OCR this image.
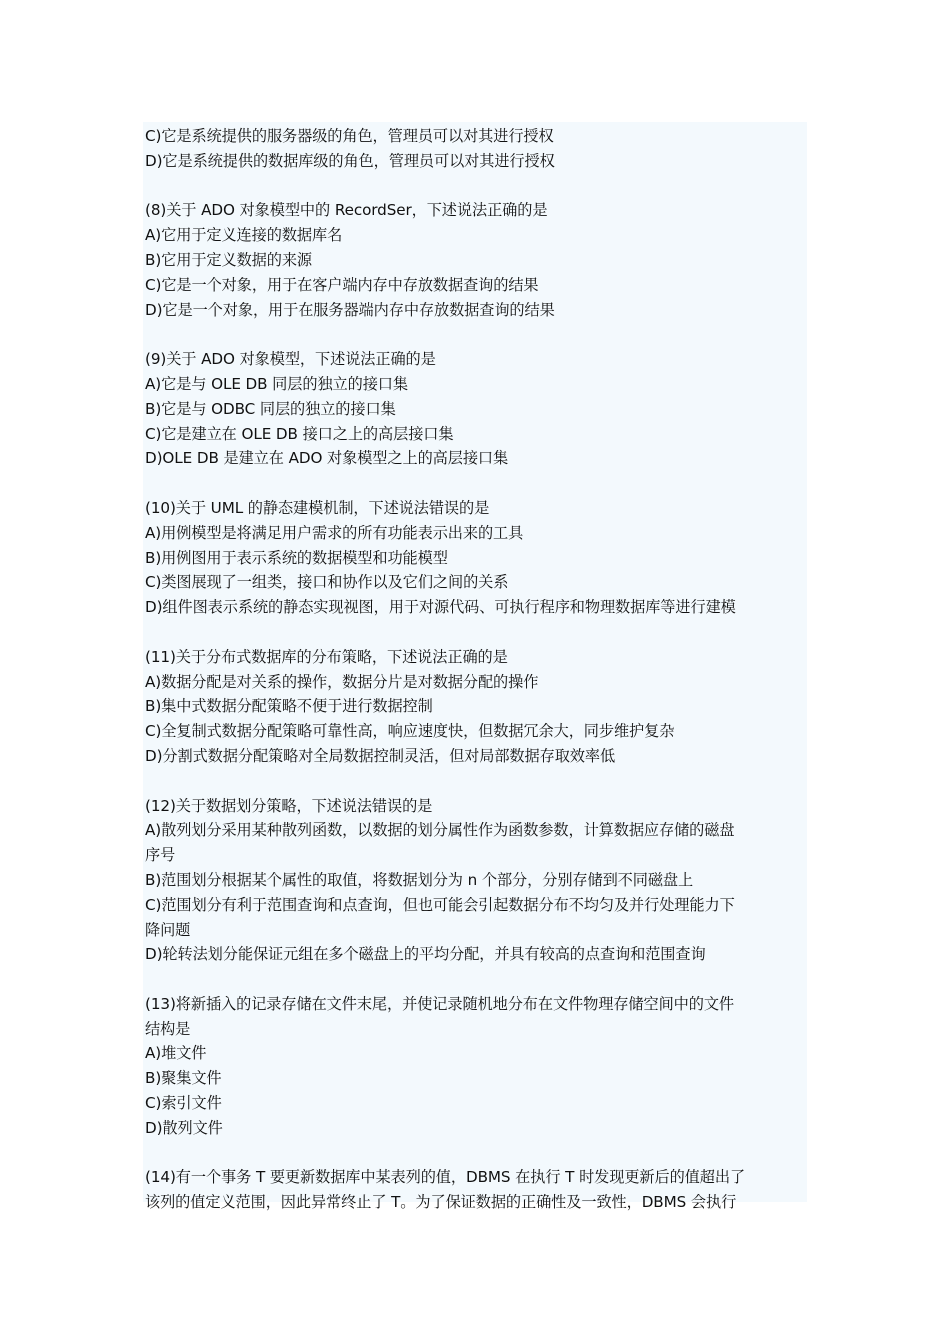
C)它是系统提供的服务器级的角色，管理员可以对其进行授权
D)它是系统提供的数据库级的角色，管理员可以对其进行授权
(8)关于 ADO 对象模型中的 RecordSer，下述说法正确的是
A)它用于定义连接的数据库名
B)它用于定义数据的来源
C)它是一个对象，用于在客户端内存中存放数据查询的结果
D)它是一个对象，用于在服务器端内存中存放数据查询的结果
(9)关于 ADO 对象模型，下述说法正确的是
A)它是与 OLE DB 同层的独立的接口集
B)它是与 ODBC 同层的独立的接口集
C)它是建立在 OLE DB 接口之上的高层接口集
D)OLE DB 是建立在 ADO 对象模型之上的高层接口集
(10)关于 UML 的静态建模机制，下述说法错误的是
A)用例模型是将满足用户需求的所有功能表示出来的工具
B)用例图用于表示系统的数据模型和功能模型
C)类图展现了一组类，接口和协作以及它们之间的关系
D)组件图表示系统的静态实现视图，用于对源代码、可执行程序和物理数据库等进行建模
(11)关于分布式数据库的分布策略，下述说法正确的是
A)数据分配是对关系的操作，数据分片是对数据分配的操作
B)集中式数据分配策略不便于进行数据控制
C)全复制式数据分配策略可靠性高，响应速度快，但数据冗余大，同步维护复杂
D)分割式数据分配策略对全局数据控制灵活，但对局部数据存取效率低
(12)关于数据划分策略，下述说法错误的是
A)散列划分采用某种散列函数，以数据的划分属性作为函数参数，计算数据应存储的磁盘
序号
B)范围划分根据某个属性的取值，将数据划分为 n 个部分，分别存储到不同磁盘上
C)范围划分有利于范围查询和点查询，但也可能会引起数据分布不均匀及并行处理能力下
降问题
D)轮转法划分能保证元组在多个磁盘上的平均分配，并具有较高的点查询和范围查询
(13)将新插入的记录存储在文件末尾，并使记录随机地分布在文件物理存储空间中的文件
结构是
A)堆文件
B)聚集文件
C)索引文件
D)散列文件
(14)有一个事务 T 要更新数据库中某表列的值，DBMS 在执行 T 时发现更新后的值超出了
该列的值定义范围，因此异常终止了 T。为了保证数据的正确性及一致性，DBMS 会执行
